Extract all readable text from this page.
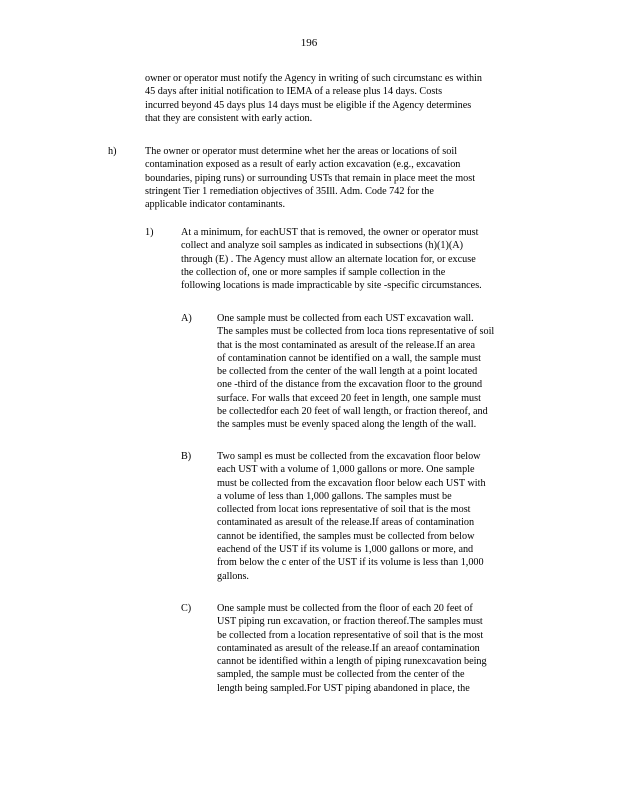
196
owner or operator must notify the Agency in writing of such circumstanc es within
45 days after initial notification to IEMA of a release plus 14 days. Costs
incurred beyond 45 days plus 14 days must be eligible if the Agency determines
that they are consistent with early action.
h)	The owner or operator must determine whet her the areas or locations of soil
contamination exposed as a result of early action excavation (e.g., excavation
boundaries, piping runs) or surrounding USTs that remain in place meet the most
stringent Tier 1 remediation objectives of 35Ill. Adm. Code 742 for the
applicable indicator contaminants.
1)	At a minimum, for eachUST that is removed, the owner or operator must
collect and analyze soil samples as indicated in subsections (h)(1)(A)
through (E) . The Agency must allow an alternate location for, or excuse
the collection of, one or more samples if sample collection in the
following locations is made impracticable by site -specific circumstances.
A) One sample must be collected from each UST excavation wall.
The samples must be collected from loca tions representative of soil
that is the most contaminated as aresult of the release.If an area
of contamination cannot be identified on a wall, the sample must
be collected from the center of the wall length at a point located
one -third of the distance from the excavation floor to the ground
surface. For walls that exceed 20 feet in length, one sample must
be collectedfor each 20 feet of wall length, or fraction thereof, and
the samples must be evenly spaced along the length of the wall.
B)	Two sampl es must be collected from the excavation floor below
each UST with a volume of 1,000 gallons or more. One sample
must be collected from the excavation floor below each UST with
a volume of less than 1,000 gallons. The samples must be
collected from locat ions representative of soil that is the most
contaminated as aresult of the release.If areas of contamination
cannot be identified, the samples must be collected from below
eachend of the UST if its volume is 1,000 gallons or more, and
from below the c enter of the UST if its volume is less than 1,000
gallons.
C)	One sample must be collected from the floor of each 20 feet of
UST piping run excavation, or fraction thereof.The samples must
be collected from a location representative of soil that is the most
contaminated as aresult of the release.If an areaof contamination
cannot be identified within a length of piping runexcavation being
sampled, the sample must be collected from the center of the
length being sampled.For UST piping abandoned in place, the
